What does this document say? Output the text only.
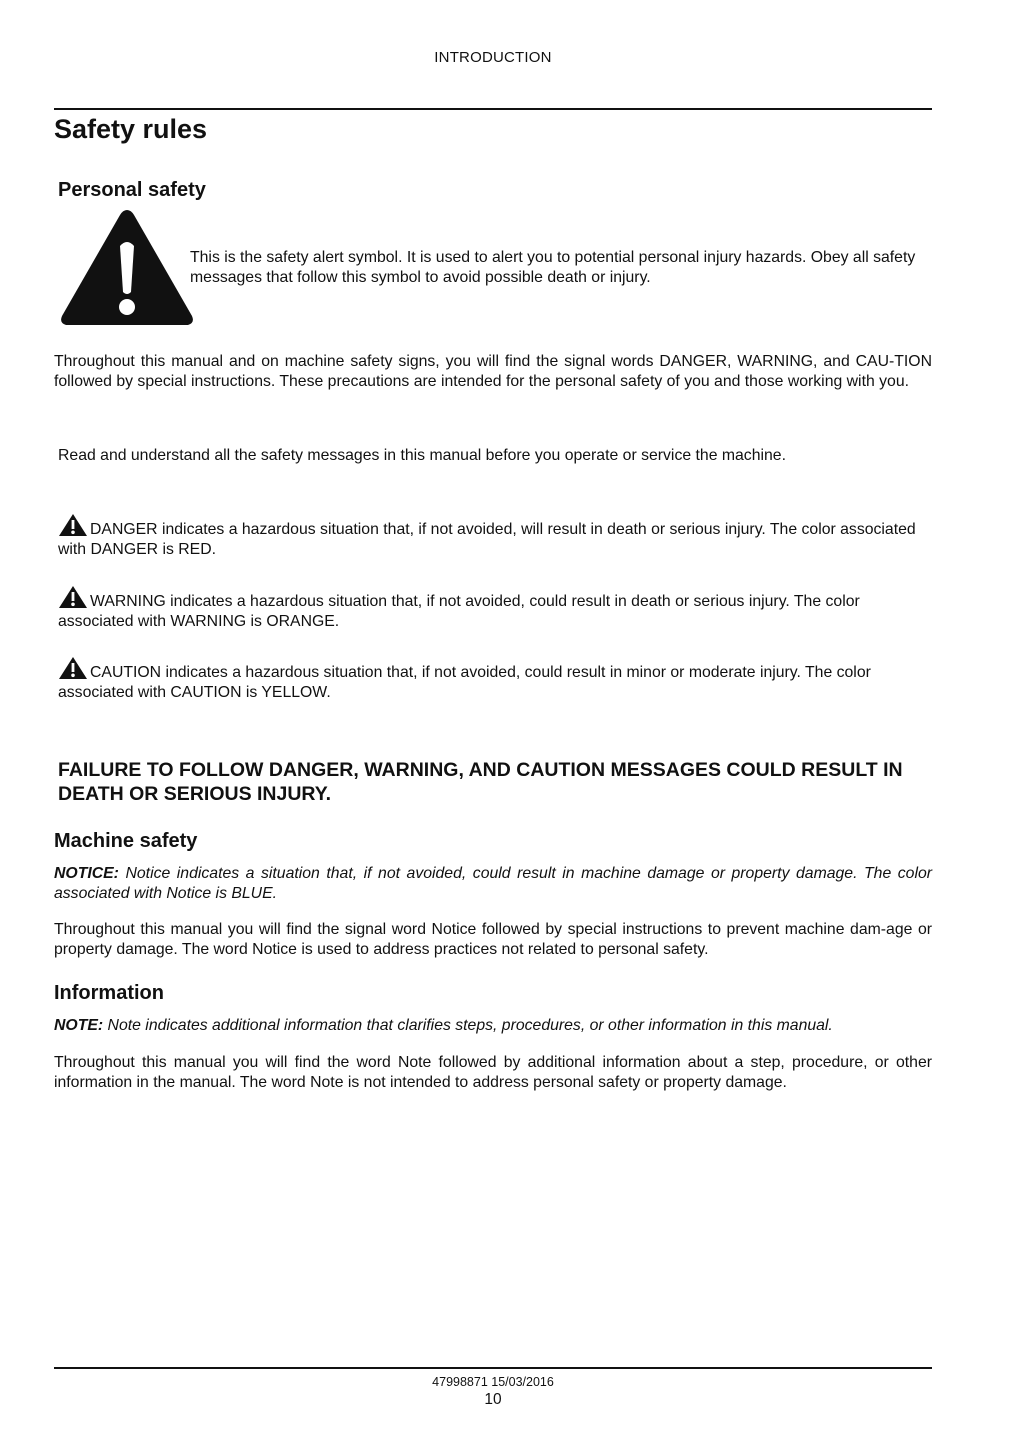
INTRODUCTION
Safety rules
Personal safety
This is the safety alert symbol. It is used to alert you to potential personal injury hazards. Obey all safety messages that follow this symbol to avoid possible death or injury.
Throughout this manual and on machine safety signs, you will find the signal words DANGER, WARNING, and CAU-TION followed by special instructions. These precautions are intended for the personal safety of you and those working with you.
Read and understand all the safety messages in this manual before you operate or service the machine.
DANGER indicates a hazardous situation that, if not avoided, will result in death or serious injury. The color associated with DANGER is RED.
WARNING indicates a hazardous situation that, if not avoided, could result in death or serious injury. The color associated with WARNING is ORANGE.
CAUTION indicates a hazardous situation that, if not avoided, could result in minor or moderate injury. The color associated with CAUTION is YELLOW.
FAILURE TO FOLLOW DANGER, WARNING, AND CAUTION MESSAGES COULD RESULT IN DEATH OR SERIOUS INJURY.
Machine safety
NOTICE: Notice indicates a situation that, if not avoided, could result in machine damage or property damage. The color associated with Notice is BLUE.
Throughout this manual you will find the signal word Notice followed by special instructions to prevent machine dam-age or property damage. The word Notice is used to address practices not related to personal safety.
Information
NOTE: Note indicates additional information that clarifies steps, procedures, or other information in this manual.
Throughout this manual you will find the word Note followed by additional information about a step, procedure, or other information in the manual. The word Note is not intended to address personal safety or property damage.
47998871 15/03/2016
10
